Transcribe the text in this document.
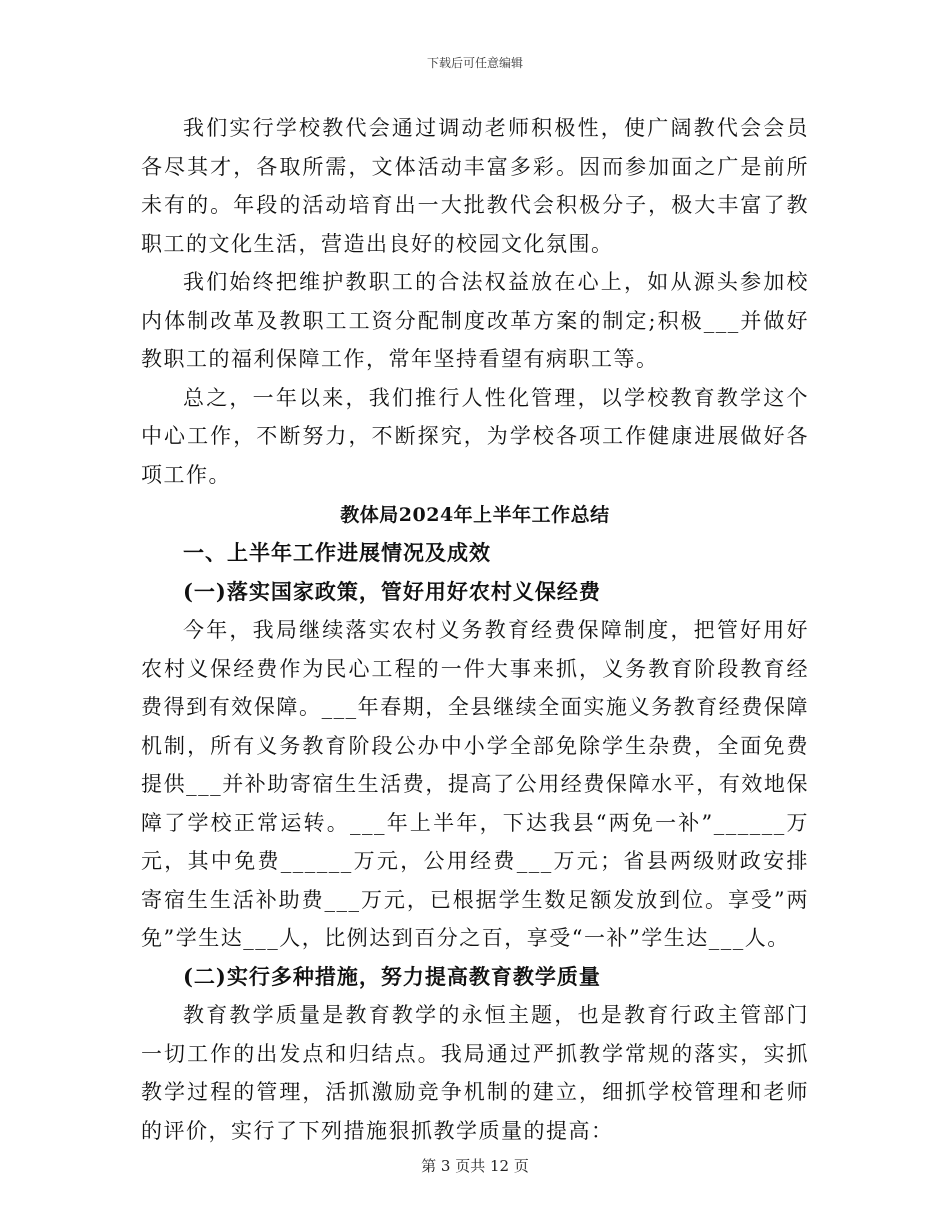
下载后可任意编辑

我们实行学校教代会通过调动老师积极性，使广阔教代会会员各尽其才，各取所需，文体活动丰富多彩。因而参加面之广是前所未有的。年段的活动培育出一大批教代会积极分子，极大丰富了教职工的文化生活，营造出良好的校园文化氛围。

我们始终把维护教职工的合法权益放在心上，如从源头参加校内体制改革及教职工工资分配制度改革方案的制定;积极___并做好教职工的福利保障工作，常年坚持看望有病职工等。

总之，一年以来，我们推行人性化管理，以学校教育教学这个中心工作，不断努力，不断探究，为学校各项工作健康进展做好各项工作。

教体局2024年上半年工作总结

一、上半年工作进展情况及成效

(一)落实国家政策，管好用好农村义保经费

今年，我局继续落实农村义务教育经费保障制度，把管好用好农村义保经费作为民心工程的一件大事来抓，义务教育阶段教育经费得到有效保障。___年春期，全县继续全面实施义务教育经费保障机制，所有义务教育阶段公办中小学全部免除学生杂费，全面免费提供___并补助寄宿生生活费，提高了公用经费保障水平，有效地保障了学校正常运转。___年上半年，下达我县“两免一补”______万元，其中免费______万元，公用经费___万元；省县两级财政安排寄宿生生活补助费___万元，已根据学生数足额发放到位。享受”两免”学生达___人，比例达到百分之百，享受“一补”学生达___人。

(二)实行多种措施，努力提高教育教学质量

教育教学质量是教育教学的永恒主题，也是教育行政主管部门一切工作的出发点和归结点。我局通过严抓教学常规的落实，实抓教学过程的管理，活抓激励竞争机制的建立，细抓学校管理和老师的评价，实行了下列措施狠抓教学质量的提高：

第 3 页共 12 页
